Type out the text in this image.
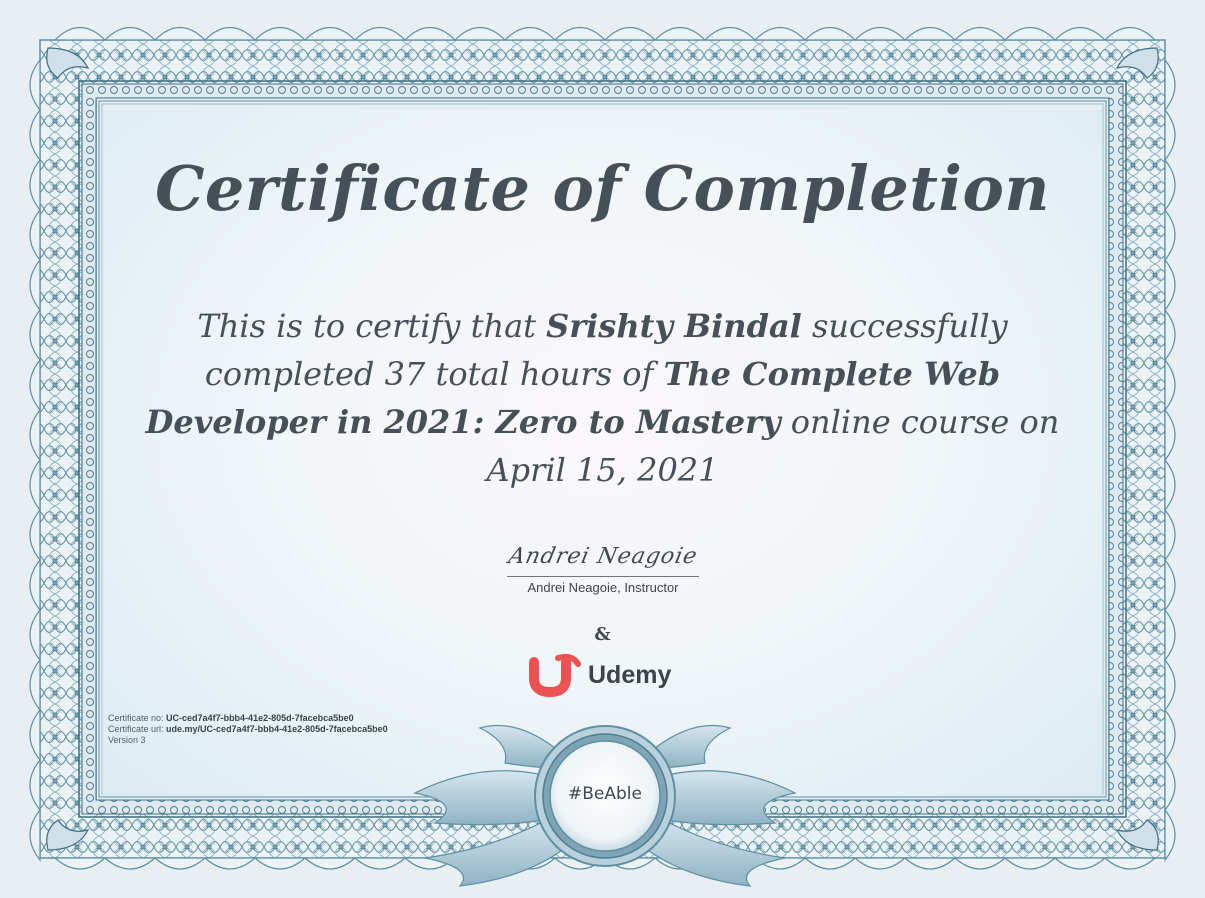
Certificate of Completion
This is to certify that Srishty Bindal successfully completed 37 total hours of The Complete Web Developer in 2021: Zero to Mastery online course on April 15, 2021
Andrei Neagoie
Andrei Neagoie, Instructor
&
Udemy
Certificate no: UC-ced7a4f7-bbb4-41e2-805d-7facebca5be0
Certificate url: ude.my/UC-ced7a4f7-bbb4-41e2-805d-7facebca5be0
Version 3
#BeAble
